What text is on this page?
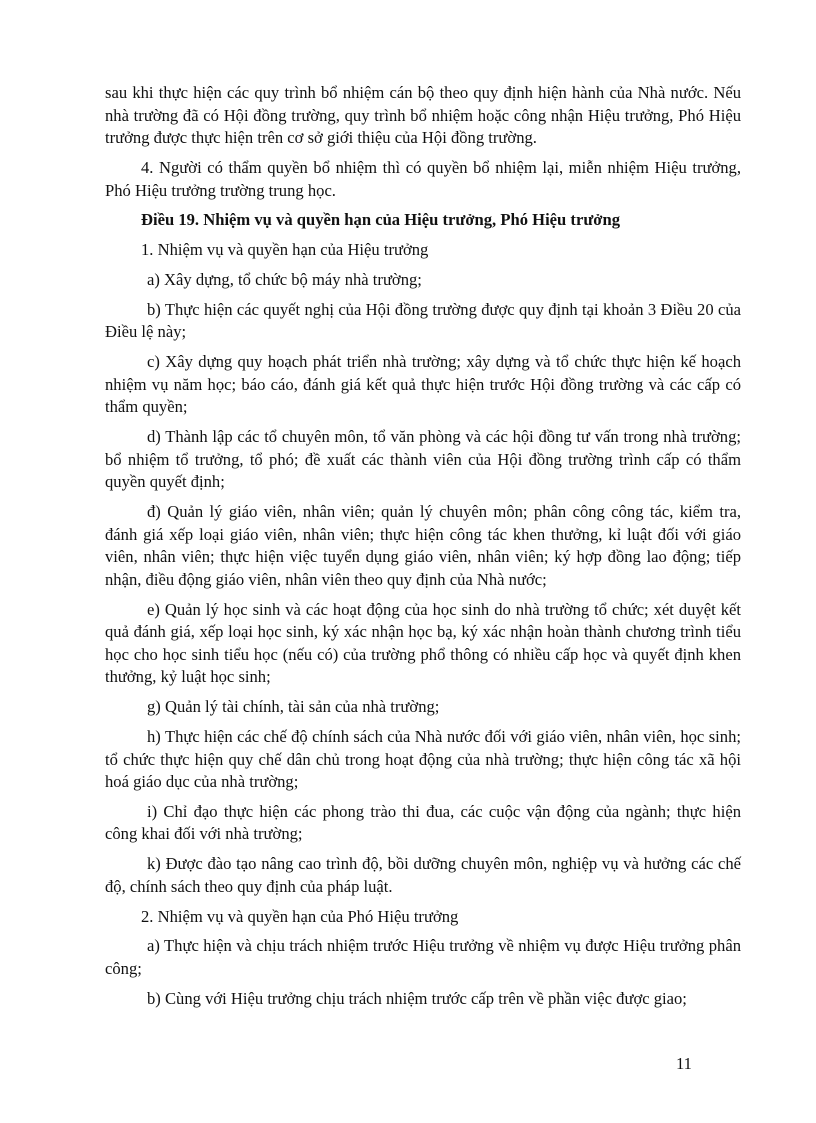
sau khi thực hiện các quy trình bổ nhiệm cán bộ theo quy định hiện hành của Nhà nước. Nếu nhà trường đã có Hội đồng trường, quy trình bổ nhiệm hoặc công nhận Hiệu trưởng, Phó Hiệu trưởng được thực hiện trên cơ sở giới thiệu của Hội đồng trường.

4. Người có thẩm quyền bổ nhiệm thì có quyền bổ nhiệm lại, miễn nhiệm Hiệu trưởng, Phó Hiệu trưởng trường trung học.

Điều 19. Nhiệm vụ và quyền hạn của Hiệu trưởng, Phó Hiệu trưởng

1. Nhiệm vụ và quyền hạn của Hiệu trưởng

a) Xây dựng, tổ chức bộ máy nhà trường;

b) Thực hiện các quyết nghị của Hội đồng trường được quy định tại khoản 3 Điều 20 của Điều lệ này;

c) Xây dựng quy hoạch phát triển nhà trường; xây dựng và tổ chức thực hiện kế hoạch nhiệm vụ năm học; báo cáo, đánh giá kết quả thực hiện trước Hội đồng trường và các cấp có thẩm quyền;

d) Thành lập các tổ chuyên môn, tổ văn phòng và các hội đồng tư vấn trong nhà trường; bổ nhiệm tổ trưởng, tổ phó; đề xuất các thành viên của Hội đồng trường trình cấp có thẩm quyền quyết định;

đ) Quản lý giáo viên, nhân viên; quản lý chuyên môn; phân công công tác, kiểm tra, đánh giá xếp loại giáo viên, nhân viên; thực hiện công tác khen thưởng, kỉ luật đối với giáo viên, nhân viên; thực hiện việc tuyển dụng giáo viên, nhân viên; ký hợp đồng lao động; tiếp nhận, điều động giáo viên, nhân viên theo quy định của Nhà nước;

e) Quản lý học sinh và các hoạt động của học sinh do nhà trường tổ chức; xét duyệt kết quả đánh giá, xếp loại học sinh, ký xác nhận học bạ, ký xác nhận hoàn thành chương trình tiểu học cho học sinh tiểu học (nếu có) của trường phổ thông có nhiều cấp học và quyết định khen thưởng, kỷ luật học sinh;

g) Quản lý tài chính, tài sản của nhà trường;

h) Thực hiện các chế độ chính sách của Nhà nước đối với giáo viên, nhân viên, học sinh; tổ chức thực hiện quy chế dân chủ trong hoạt động của nhà trường; thực hiện công tác xã hội hoá giáo dục của nhà trường;

i) Chỉ đạo thực hiện các phong trào thi đua, các cuộc vận động của ngành; thực hiện công khai đối với nhà trường;

k) Được đào tạo nâng cao trình độ, bồi dưỡng chuyên môn, nghiệp vụ và hưởng các chế độ, chính sách theo quy định của pháp luật.

2. Nhiệm vụ và quyền hạn của Phó Hiệu trưởng

a) Thực hiện và chịu trách nhiệm trước Hiệu trưởng về nhiệm vụ được Hiệu trưởng phân công;

b) Cùng với Hiệu trưởng chịu trách nhiệm trước cấp trên về phần việc được giao;

11
